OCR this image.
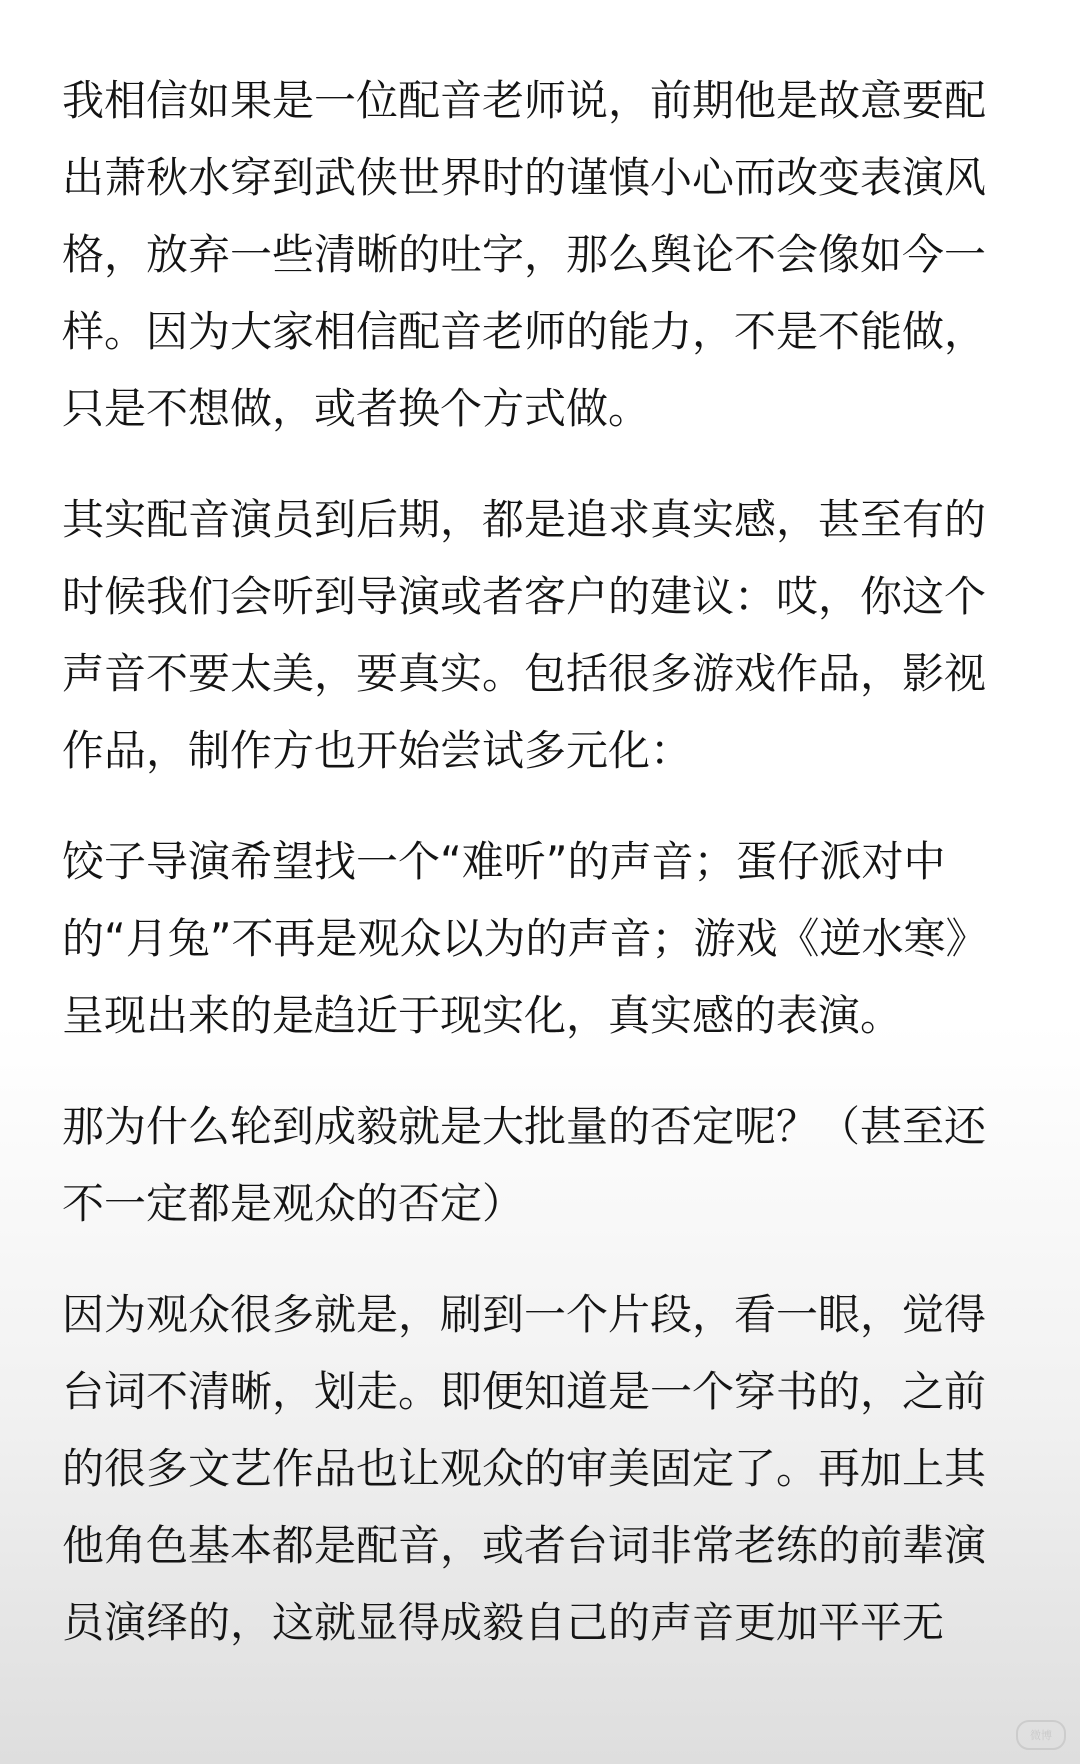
我相信如果是一位配音老师说，前期他是故意要配
出萧秋水穿到武侠世界时的谨慎小心而改变表演风
格，放弃一些清晰的吐字，那么舆论不会像如今一
样。因为大家相信配音老师的能力，不是不能做，
只是不想做，或者换个方式做。

其实配音演员到后期，都是追求真实感，甚至有的
时候我们会听到导演或者客户的建议：哎，你这个
声音不要太美，要真实。包括很多游戏作品，影视
作品，制作方也开始尝试多元化：

饺子导演希望找一个“难听”的声音；蛋仔派对中
的“月兔”不再是观众以为的声音；游戏《逆水寒》
呈现出来的是趋近于现实化，真实感的表演。

那为什么轮到成毅就是大批量的否定呢？（甚至还
不一定都是观众的否定）

因为观众很多就是，刷到一个片段，看一眼，觉得
台词不清晰，划走。即便知道是一个穿书的，之前
的很多文艺作品也让观众的审美固定了。再加上其
他角色基本都是配音，或者台词非常老练的前辈演
员演绎的，这就显得成毅自己的声音更加平平无

微博
